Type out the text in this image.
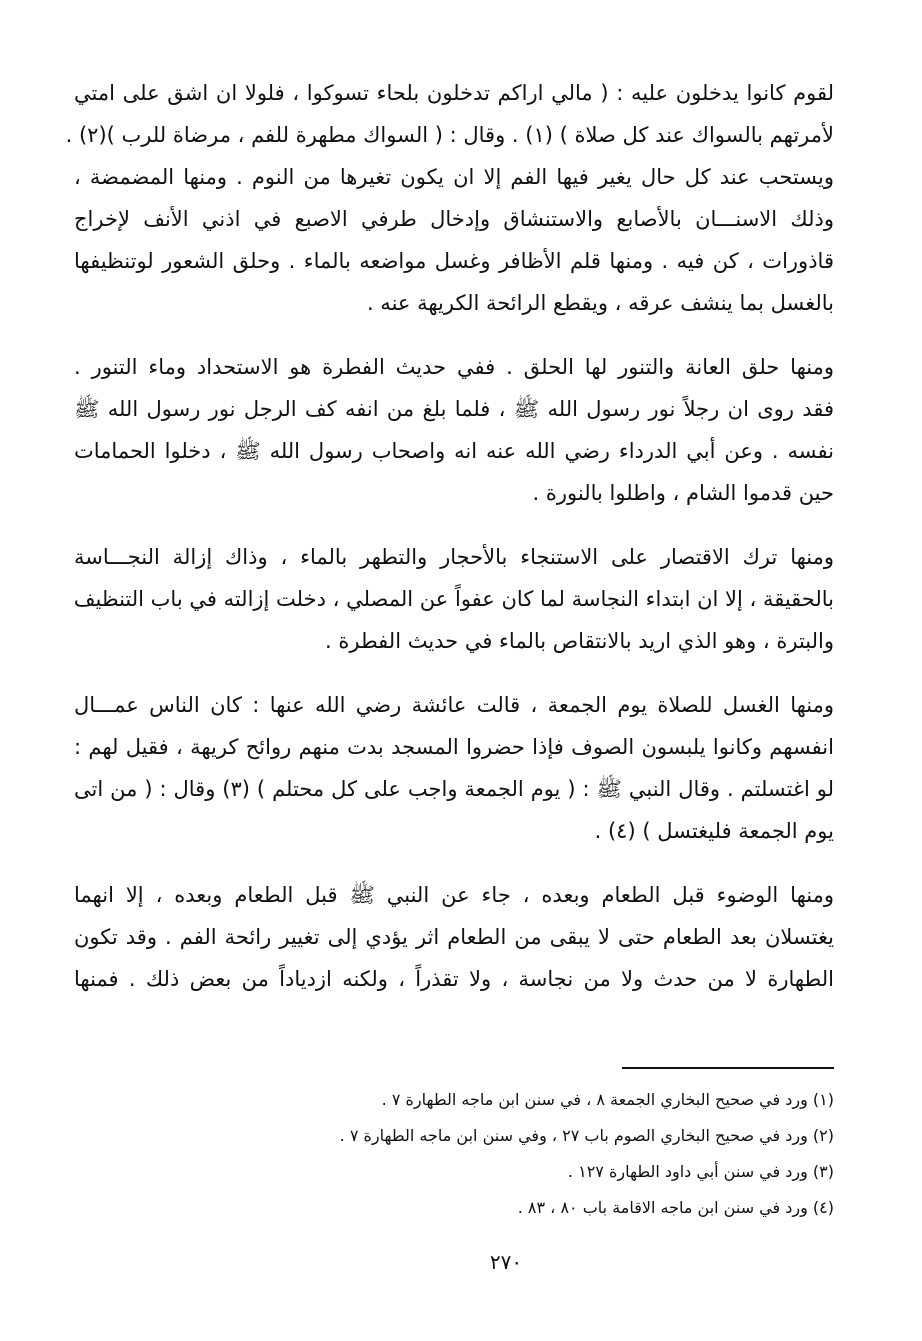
لقوم كانوا يدخلون عليه : ( مالي اراكم تدخلون بلحاء تسوكوا ، فلولا ان اشق على امتي
لأمرتهم بالسواك عند كل صلاة ) (١) . وقال : ( السواك مطهرة للفم ، مرضاة للرب )(٢) .
ويستحب عند كل حال يغير فيها الفم إلا ان يكون تغيرها من النوم . ومنها المضمضة ،
وذلك الاسنـــان بالأصابع والاستنشاق وإدخال طرفي الاصبع في اذني الأنف لإخراج
قاذورات ، كن فيه . ومنها قلم الأظافر وغسل مواضعه بالماء . وحلق الشعور لوتنظيفها
بالغسل بما ينشف عرقه ، ويقطع الرائحة الكريهة عنه .
ومنها حلق العانة والتنور لها الحلق . ففي حديث الفطرة هو الاستحداد وماء التنور .
فقد روى ان رجلاً نور رسول الله ﷺ ، فلما بلغ من انفه كف الرجل نور رسول الله ﷺ
نفسه . وعن أبي الدرداء رضي الله عنه انه واصحاب رسول الله ﷺ ، دخلوا الحمامات
حين قدموا الشام ، واطلوا بالنورة .
ومنها ترك الاقتصار على الاستنجاء بالأحجار والتطهر بالماء ، وذاك إزالة النجـــاسة
بالحقيقة ، إلا ان ابتداء النجاسة لما كان عفواً عن المصلي ، دخلت إزالته في باب التنظيف
والبترة ، وهو الذي اريد بالانتقاص بالماء في حديث الفطرة .
ومنها الغسل للصلاة يوم الجمعة ، قالت عائشة رضي الله عنها : كان الناس عمـــال
انفسهم وكانوا يلبسون الصوف فإذا حضروا المسجد بدت منهم روائح كريهة ، فقيل لهم :
لو اغتسلتم . وقال النبي ﷺ : ( يوم الجمعة واجب على كل محتلم ) (٣) وقال : ( من اتى
يوم الجمعة فليغتسل ) (٤) .
ومنها الوضوء قبل الطعام وبعده ، جاء عن النبي ﷺ قبل الطعام وبعده ، إلا انهما
يغتسلان بعد الطعام حتى لا يبقى من الطعام اثر يؤدي إلى تغيير رائحة الفم . وقد تكون
الطهارة لا من حدث ولا من نجاسة ، ولا تقذراً ، ولكنه ازدياداً من بعض ذلك . فمنها
(١) ورد في صحيح البخاري الجمعة ٨ ، في سنن ابن ماجه الطهارة ٧ .
(٢) ورد في صحيح البخاري الصوم باب ٢٧ ، وفي سنن ابن ماجه الطهارة ٧ .
(٣) ورد في سنن أبي داود الطهارة ١٢٧ .
(٤) ورد في سنن ابن ماجه الاقامة باب ٨٠ ، ٨٣ .
٢٧٠
